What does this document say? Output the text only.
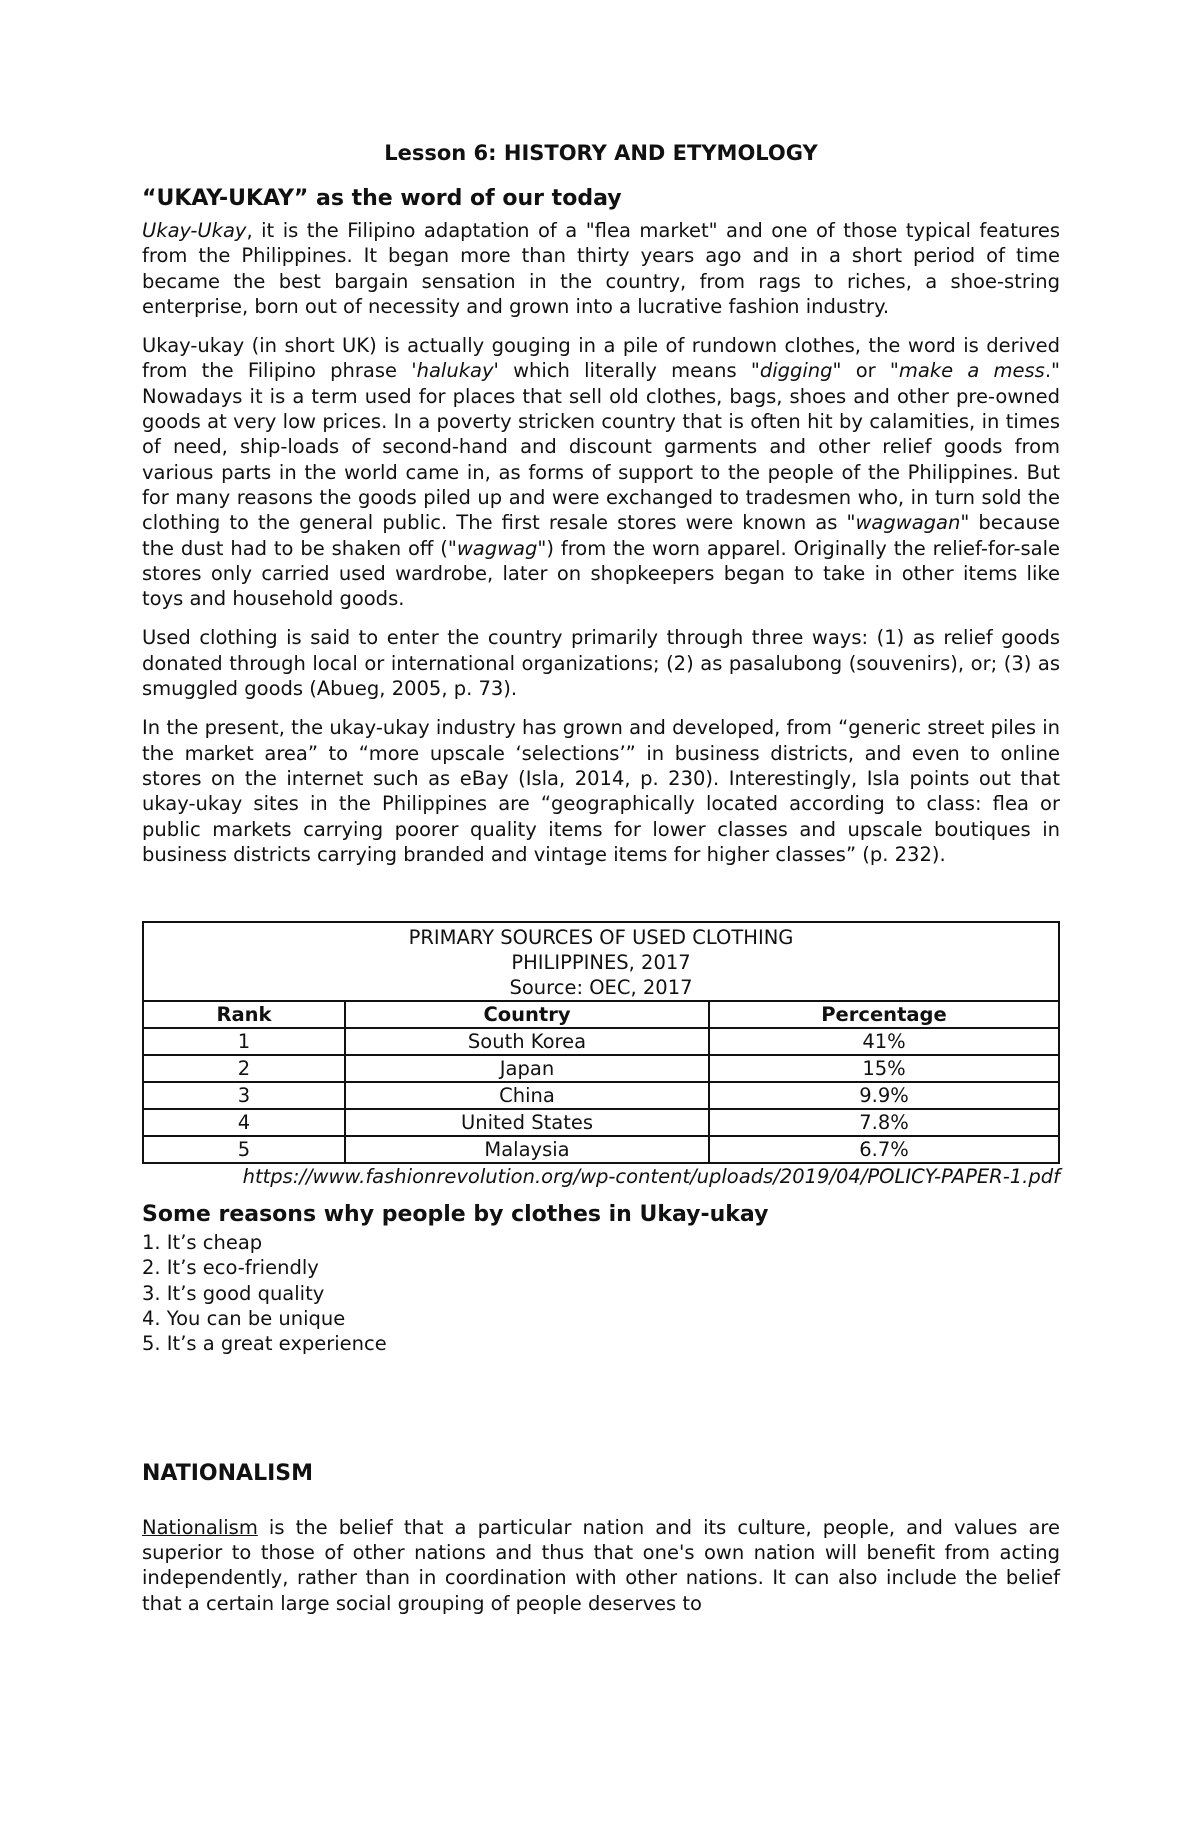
Lesson 6: HISTORY AND ETYMOLOGY
“UKAY-UKAY” as the word of our today

Ukay-Ukay, it is the Filipino adaptation of a "flea market" and one of those typical features from the Philippines. It began more than thirty years ago and in a short period of time became the best bargain sensation in the country, from rags to riches, a shoe-string enterprise, born out of necessity and grown into a lucrative fashion industry.

Ukay-ukay (in short UK) is actually gouging in a pile of rundown clothes, the word is derived from the Filipino phrase 'halukay' which literally means "digging" or "make a mess." Nowadays it is a term used for places that sell old clothes, bags, shoes and other pre-owned goods at very low prices. In a poverty stricken country that is often hit by calamities, in times of need, ship-loads of second-hand and discount garments and other relief goods from various parts in the world came in, as forms of support to the people of the Philippines. But for many reasons the goods piled up and were exchanged to tradesmen who, in turn sold the clothing to the general public. The first resale stores were known as "wagwagan" because the dust had to be shaken off ("wagwag") from the worn apparel. Originally the relief-for-sale stores only carried used wardrobe, later on shopkeepers began to take in other items like toys and household goods.

Used clothing is said to enter the country primarily through three ways: (1) as relief goods donated through local or international organizations; (2) as pasalubong (souvenirs), or; (3) as smuggled goods (Abueg, 2005, p. 73).

In the present, the ukay-ukay industry has grown and developed, from “generic street piles in the market area” to “more upscale ‘selections’” in business districts, and even to online stores on the internet such as eBay (Isla, 2014, p. 230). Interestingly, Isla points out that ukay-ukay sites in the Philippines are “geographically located according to class: flea or public markets carrying poorer quality items for lower classes and upscale boutiques in business districts carrying branded and vintage items for higher classes” (p. 232).

PRIMARY SOURCES OF USED CLOTHING
PHILIPPINES, 2017
Source: OEC, 2017		

Rank	Country	Percentage
1	South Korea	41%
2	Japan	15%
3	China	9.9%
4	United States	7.8%
5	Malaysia	6.7%
https://www.fashionrevolution.org/wp-content/uploads/2019/04/POLICY-PAPER-1.pdf
Some reasons why people by clothes in Ukay-ukay
1. It’s cheap
2. It’s eco-friendly
3. It’s good quality
4. You can be unique
5. It’s a great experience
NATIONALISM

Nationalism is the belief that a particular nation and its culture, people, and values are superior to those of other nations and thus that one's own nation will benefit from acting independently, rather than in coordination with other nations. It can also include the belief that a certain large social grouping of people deserves to
